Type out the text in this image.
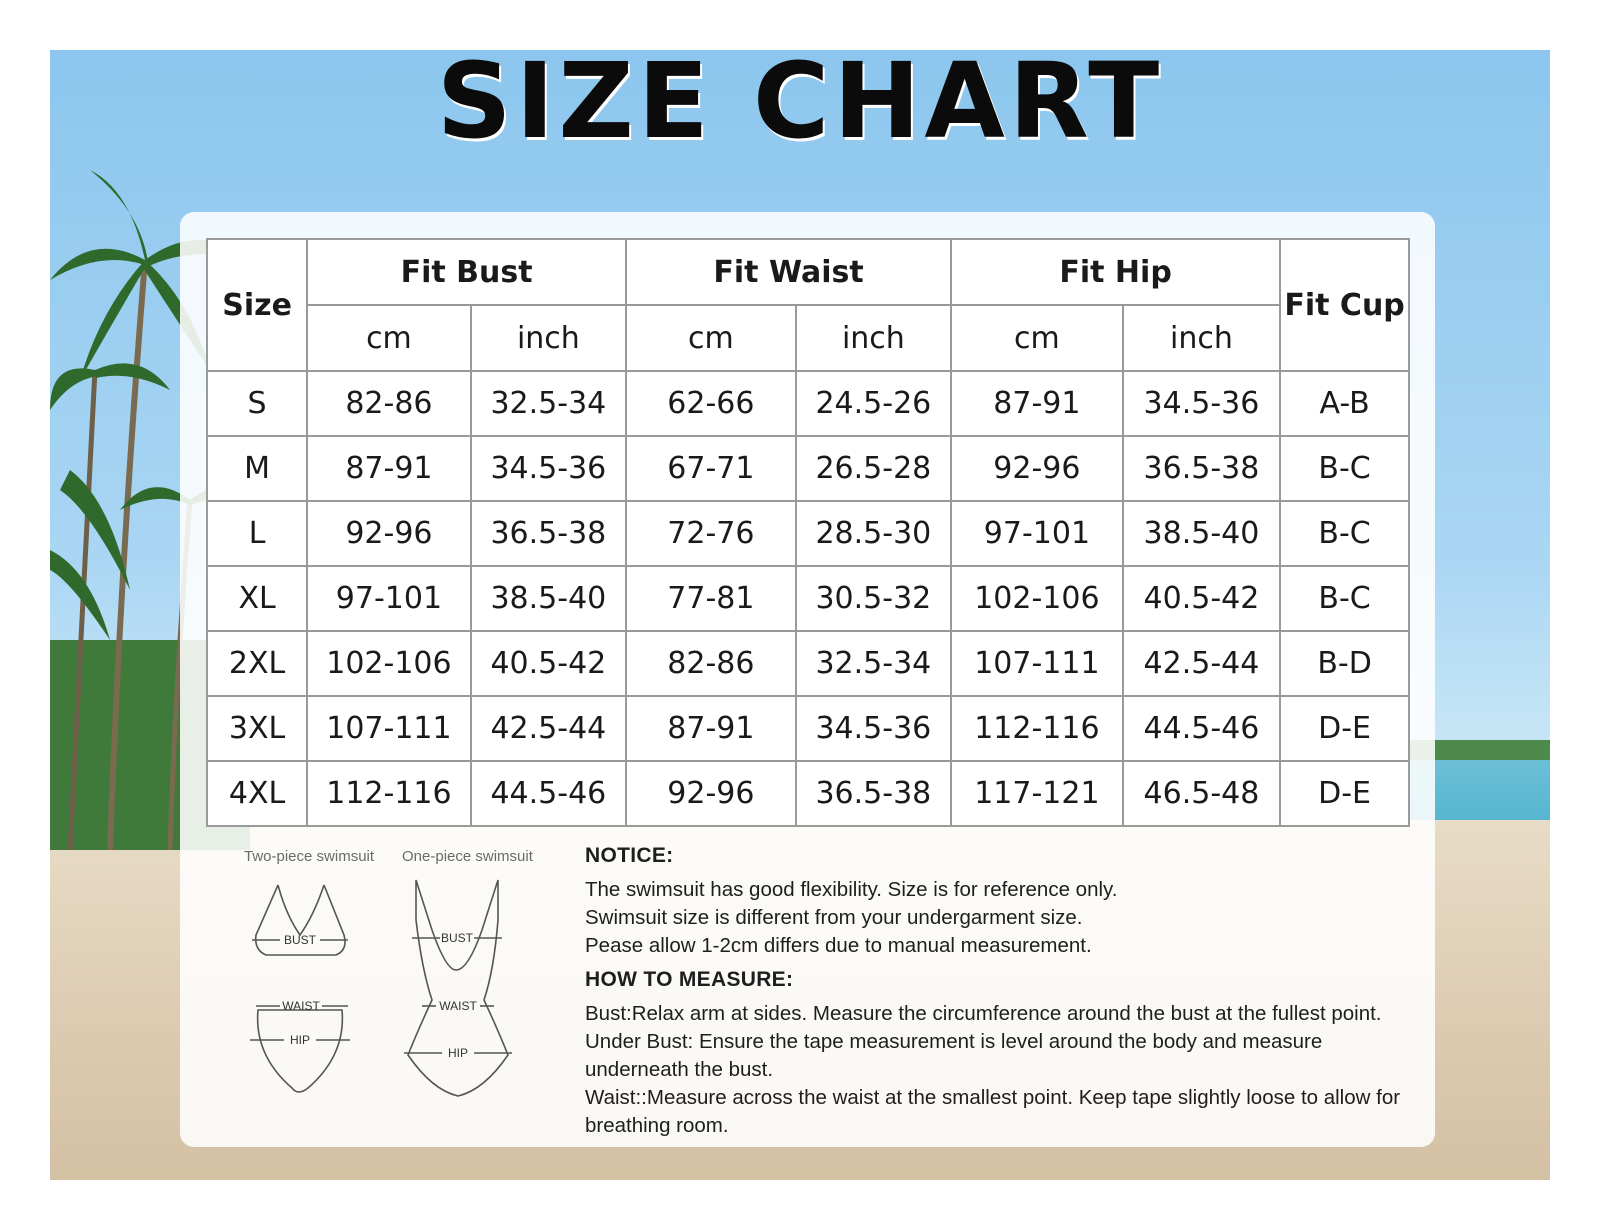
SIZE CHART
Size	Fit Bust		Fit Waist		Fit Hip		Fit Cup
	cm	inch	cm	inch	cm	inch	
S	82-86	32.5-34	62-66	24.5-26	87-91	34.5-36	A-B
M	87-91	34.5-36	67-71	26.5-28	92-96	36.5-38	B-C
L	92-96	36.5-38	72-76	28.5-30	97-101	38.5-40	B-C
XL	97-101	38.5-40	77-81	30.5-32	102-106	40.5-42	B-C
2XL	102-106	40.5-42	82-86	32.5-34	107-111	42.5-44	B-D
3XL	107-111	42.5-44	87-91	34.5-36	112-116	44.5-46	D-E
4XL	112-116	44.5-46	92-96	36.5-38	117-121	46.5-48	D-E
Two-piece swimsuit One-piece swimsuit
BUST
WAIST
HIP
BUST
WAIST
HIP

NOTICE:

The swimsuit has good flexibility. Size is for reference only.

Swimsuit size is different from your undergarment size.

Pease allow 1-2cm differs due to manual measurement.

HOW TO MEASURE:

Bust:Relax arm at sides. Measure the circumference around the bust at the fullest point.

Under Bust: Ensure the tape measurement is level around the body and measure underneath the bust.

Waist::Measure across the waist at the smallest point. Keep tape slightly loose to allow for breathing room.
